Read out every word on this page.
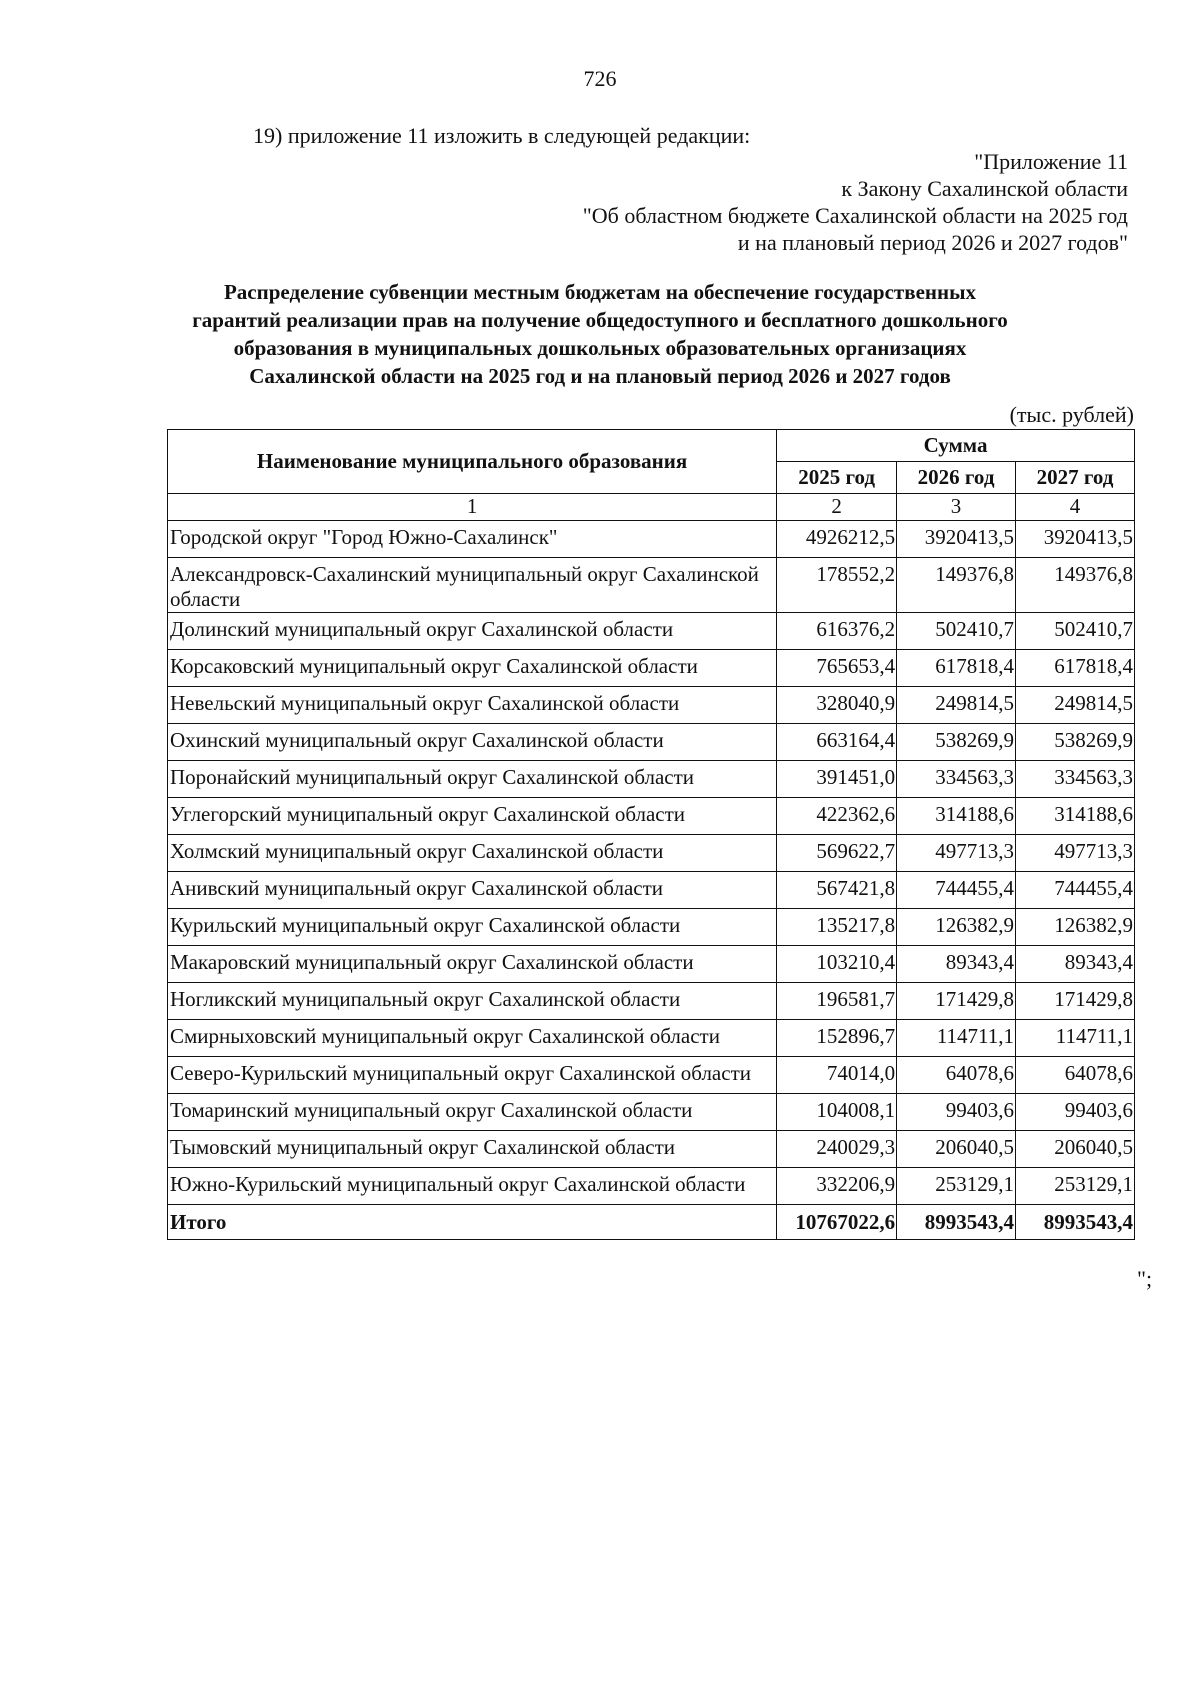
726
19) приложение 11 изложить в следующей редакции:
"Приложение 11
к Закону Сахалинской области
"Об областном бюджете Сахалинской области на 2025 год
и на плановый период 2026 и 2027 годов"
Распределение субвенции местным бюджетам на обеспечение государственных
гарантий реализации прав на получение общедоступного и бесплатного дошкольного
образования в муниципальных дошкольных образовательных организациях
Сахалинской области на 2025 год и на плановый период 2026 и 2027 годов
(тыс. рублей)
Наименование муниципального образования	Сумма		
	2025 год	2026 год	2027 год
1	2	3	4
Городской округ "Город Южно-Сахалинск"	4926212,5	3920413,5	3920413,5
Александровск-Сахалинский муниципальный округ Сахалинской области	178552,2	149376,8	149376,8
Долинский муниципальный округ Сахалинской области	616376,2	502410,7	502410,7
Корсаковский муниципальный округ Сахалинской области	765653,4	617818,4	617818,4
Невельский муниципальный округ Сахалинской области	328040,9	249814,5	249814,5
Охинский муниципальный округ Сахалинской области	663164,4	538269,9	538269,9
Поронайский муниципальный округ Сахалинской области	391451,0	334563,3	334563,3
Углегорский муниципальный округ Сахалинской области	422362,6	314188,6	314188,6
Холмский муниципальный округ Сахалинской области	569622,7	497713,3	497713,3
Анивский муниципальный округ Сахалинской области	567421,8	744455,4	744455,4
Курильский муниципальный округ Сахалинской области	135217,8	126382,9	126382,9
Макаровский муниципальный округ Сахалинской области	103210,4	89343,4	89343,4
Ногликский муниципальный округ Сахалинской области	196581,7	171429,8	171429,8
Смирныховский муниципальный округ Сахалинской области	152896,7	114711,1	114711,1
Северо-Курильский муниципальный округ Сахалинской области	74014,0	64078,6	64078,6
Томаринский муниципальный округ Сахалинской области	104008,1	99403,6	99403,6
Тымовский муниципальный округ Сахалинской области	240029,3	206040,5	206040,5
Южно-Курильский муниципальный округ Сахалинской области	332206,9	253129,1	253129,1
Итого	10767022,6	8993543,4	8993543,4
";
